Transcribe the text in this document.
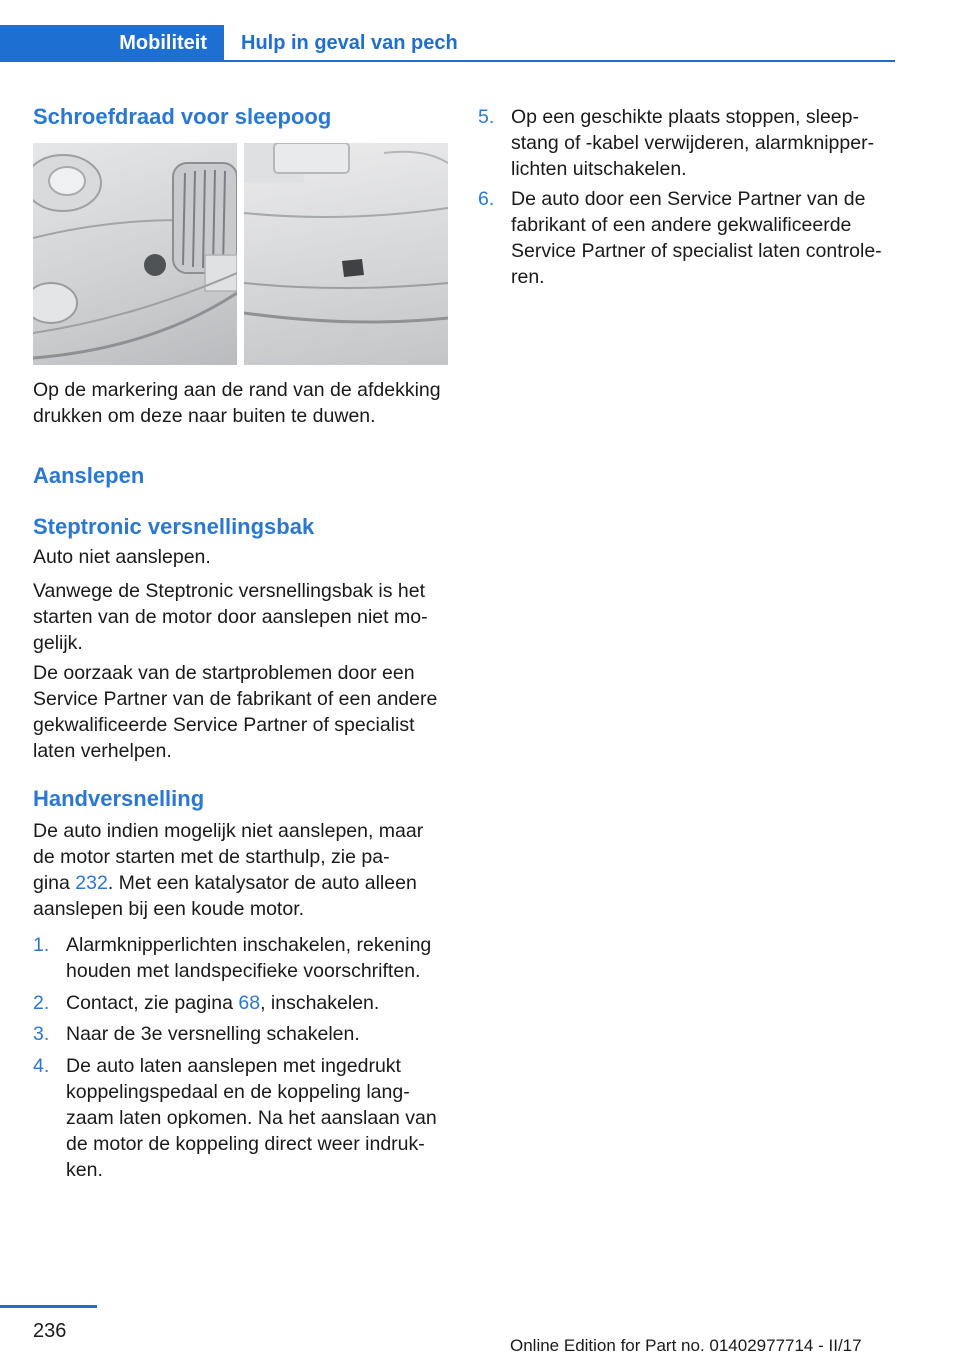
Mobiliteit Hulp in geval van pech
Schroefdraad voor sleepoog
Op de markering aan de rand van de afdekking
drukken om deze naar buiten te duwen.
Aanslepen
Steptronic versnellingsbak
Auto niet aanslepen.
Vanwege de Steptronic versnellingsbak is het
starten van de motor door aanslepen niet mo‐
gelijk.
De oorzaak van de startproblemen door een
Service Partner van de fabrikant of een andere
gekwalificeerde Service Partner of specialist
laten verhelpen.
Handversnelling
De auto indien mogelijk niet aanslepen, maar
de motor starten met de starthulp, zie pa‐
gina 232. Met een katalysator de auto alleen
aanslepen bij een koude motor.
1. Alarmknipperlichten inschakelen, rekening
houden met landspecifieke voorschriften.
2. Contact, zie pagina 68, inschakelen.
3. Naar de 3e versnelling schakelen.
4. De auto laten aanslepen met ingedrukt
koppelingspedaal en de koppeling lang‐
zaam laten opkomen. Na het aanslaan van
de motor de koppeling direct weer indruk‐
ken.
5. Op een geschikte plaats stoppen, sleep‐
stang of -kabel verwijderen, alarmknipper‐
lichten uitschakelen.
6. De auto door een Service Partner van de
fabrikant of een andere gekwalificeerde
Service Partner of specialist laten controle‐
ren.
236
Online Edition for Part no. 01402977714 - II/17
